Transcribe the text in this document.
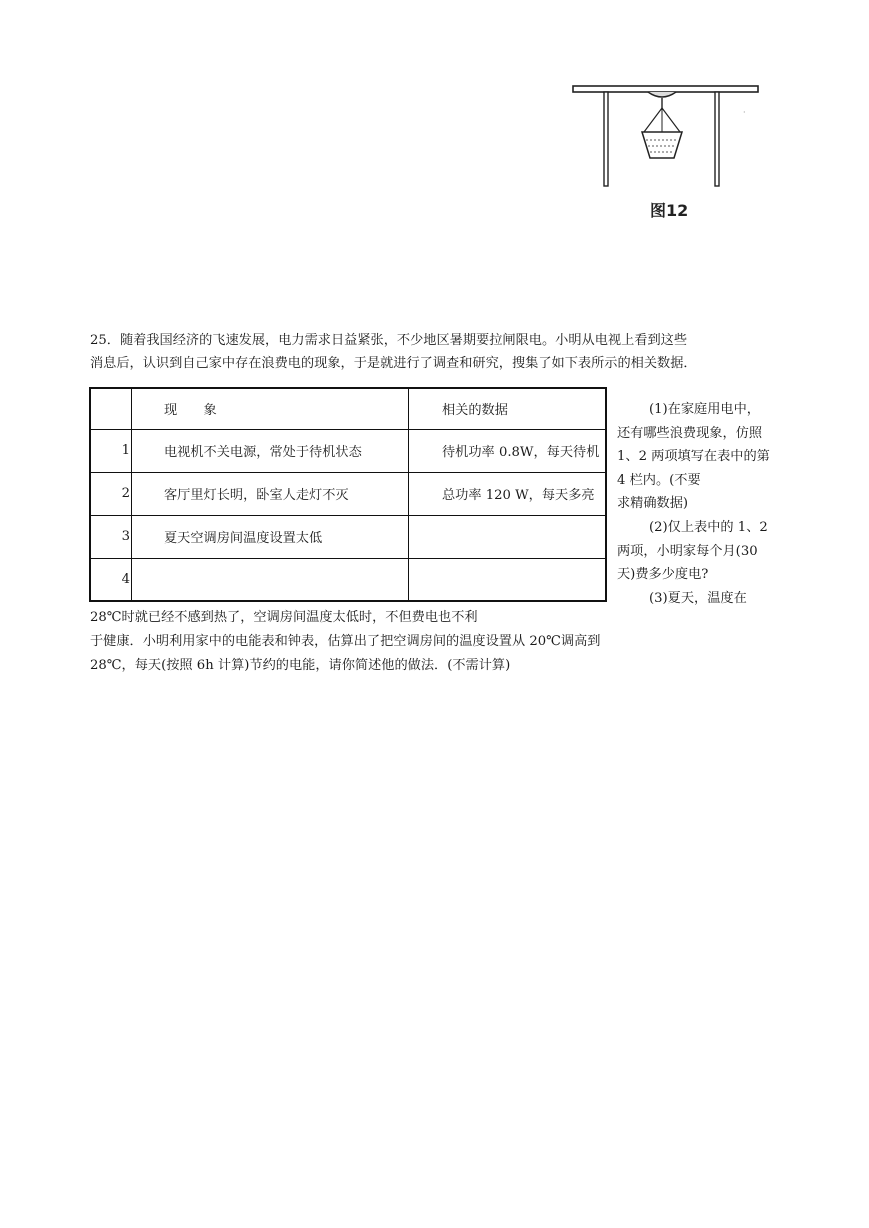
·
图12

25．随着我国经济的飞速发展，电力需求日益紧张，不少地区暑期要拉闸限电。小明从电视上看到这些

消息后，认识到自己家中存在浪费电的现象，于是就进行了调查和研究，搜集了如下表所示的相关数据．

	现　　象	相关的数据
1	电视机不关电源，常处于待机状态	待机功率 0.8W，每天待机
2	客厅里灯长明，卧室人走灯不灭	总功率 120 W，每天多亮
3	夏天空调房间温度设置太低	
4		

(1)在家庭用电中，

还有哪些浪费现象，仿照

1、2 两项填写在表中的第

4 栏内。(不要

求精确数据)

(2)仅上表中的 1、2

两项，小明家每个月(30

天)费多少度电?

(3)夏天，温度在

28℃时就已经不感到热了，空调房间温度太低时，不但费电也不利

于健康．小明利用家中的电能表和钟表，估算出了把空调房间的温度设置从 20℃调高到

28℃，每天(按照 6h 计算)节约的电能，请你简述他的做法．(不需计算)
